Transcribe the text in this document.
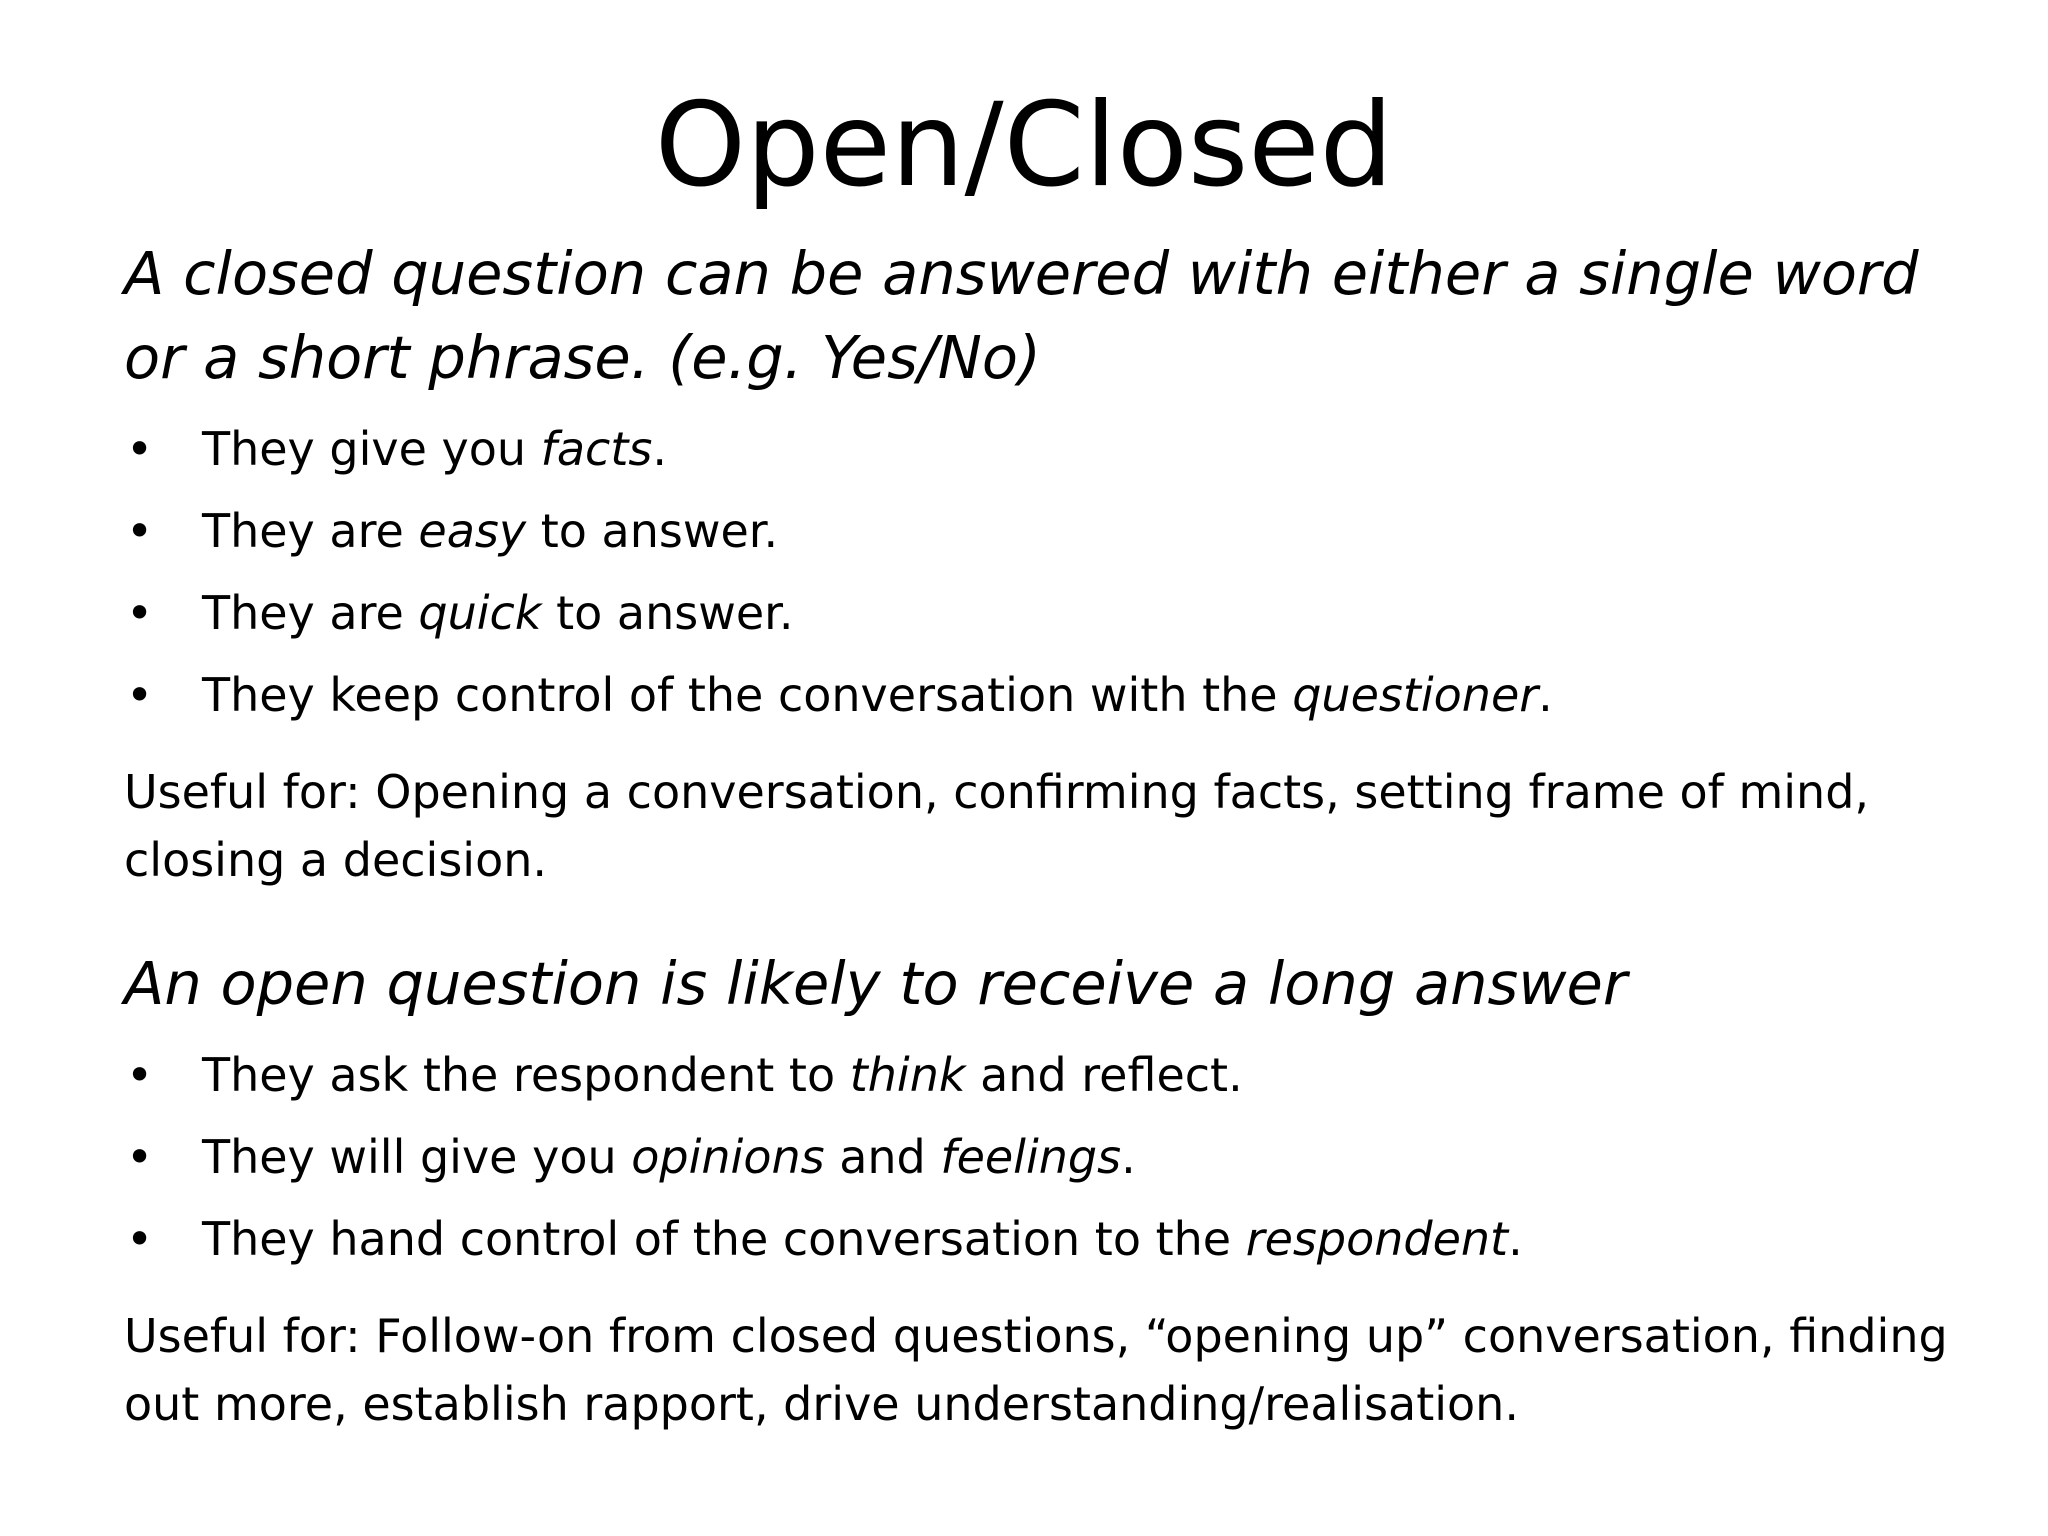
Open/Closed

A closed question can be answered with either a single word or a short phrase. (e.g. Yes/No)

• They give you facts.
• They are easy to answer.
• They are quick to answer.
• They keep control of the conversation with the questioner.

Useful for: Opening a conversation, confirming facts, setting frame of mind, closing a decision.

An open question is likely to receive a long answer

• They ask the respondent to think and reflect.
• They will give you opinions and feelings.
• They hand control of the conversation to the respondent.

Useful for: Follow-on from closed questions, “opening up” conversation, finding out more, establish rapport, drive understanding/realisation.
